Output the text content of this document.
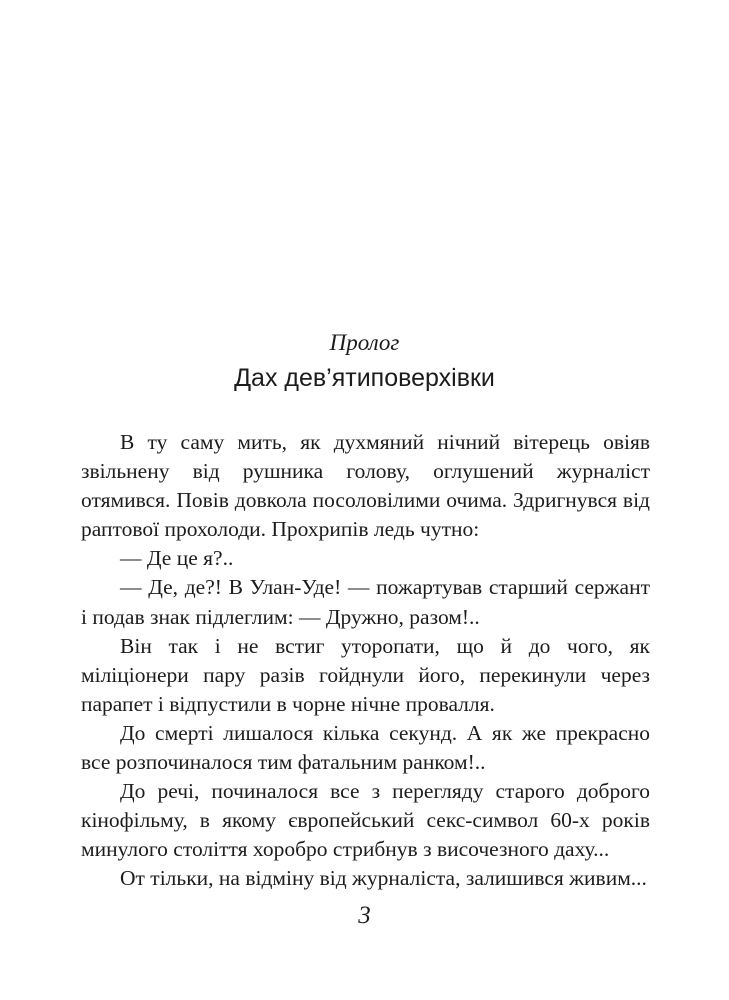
Пролог

Дах дев’ятиповерхівки

В ту саму мить, як духмяний нічний вітерець овіяв звільнену від рушника голову, оглушений журналіст отямився. Повів довкола посоловілими очима. Здригнувся від раптової прохолоди. Прохрипів ледь чутно:

— Де це я?..

— Де, де?! В Улан-Уде! — пожартував старший сержант і подав знак підлеглим: — Дружно, разом!..

Він так і не встиг уторопати, що й до чого, як міліціонери пару разів гойднули його, перекинули через парапет і відпустили в чорне нічне провалля.

До смерті лишалося кілька секунд. А як же прекрасно все розпочиналося тим фатальним ранком!..

До речі, починалося все з перегляду старого доброго кінофільму, в якому європейський секс-символ 60-х років минулого століття хоробро стрибнув з височезного даху...

От тільки, на відміну від журналіста, залишився живим...

3
